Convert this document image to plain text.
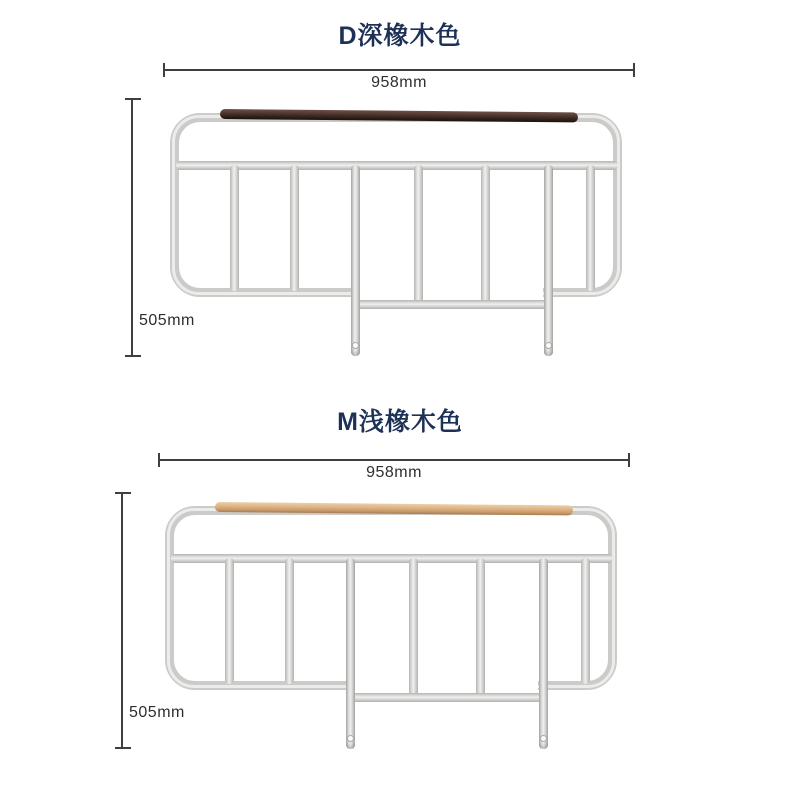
D深橡木色
958mm
505mm
M浅橡木色
958mm
505mm
